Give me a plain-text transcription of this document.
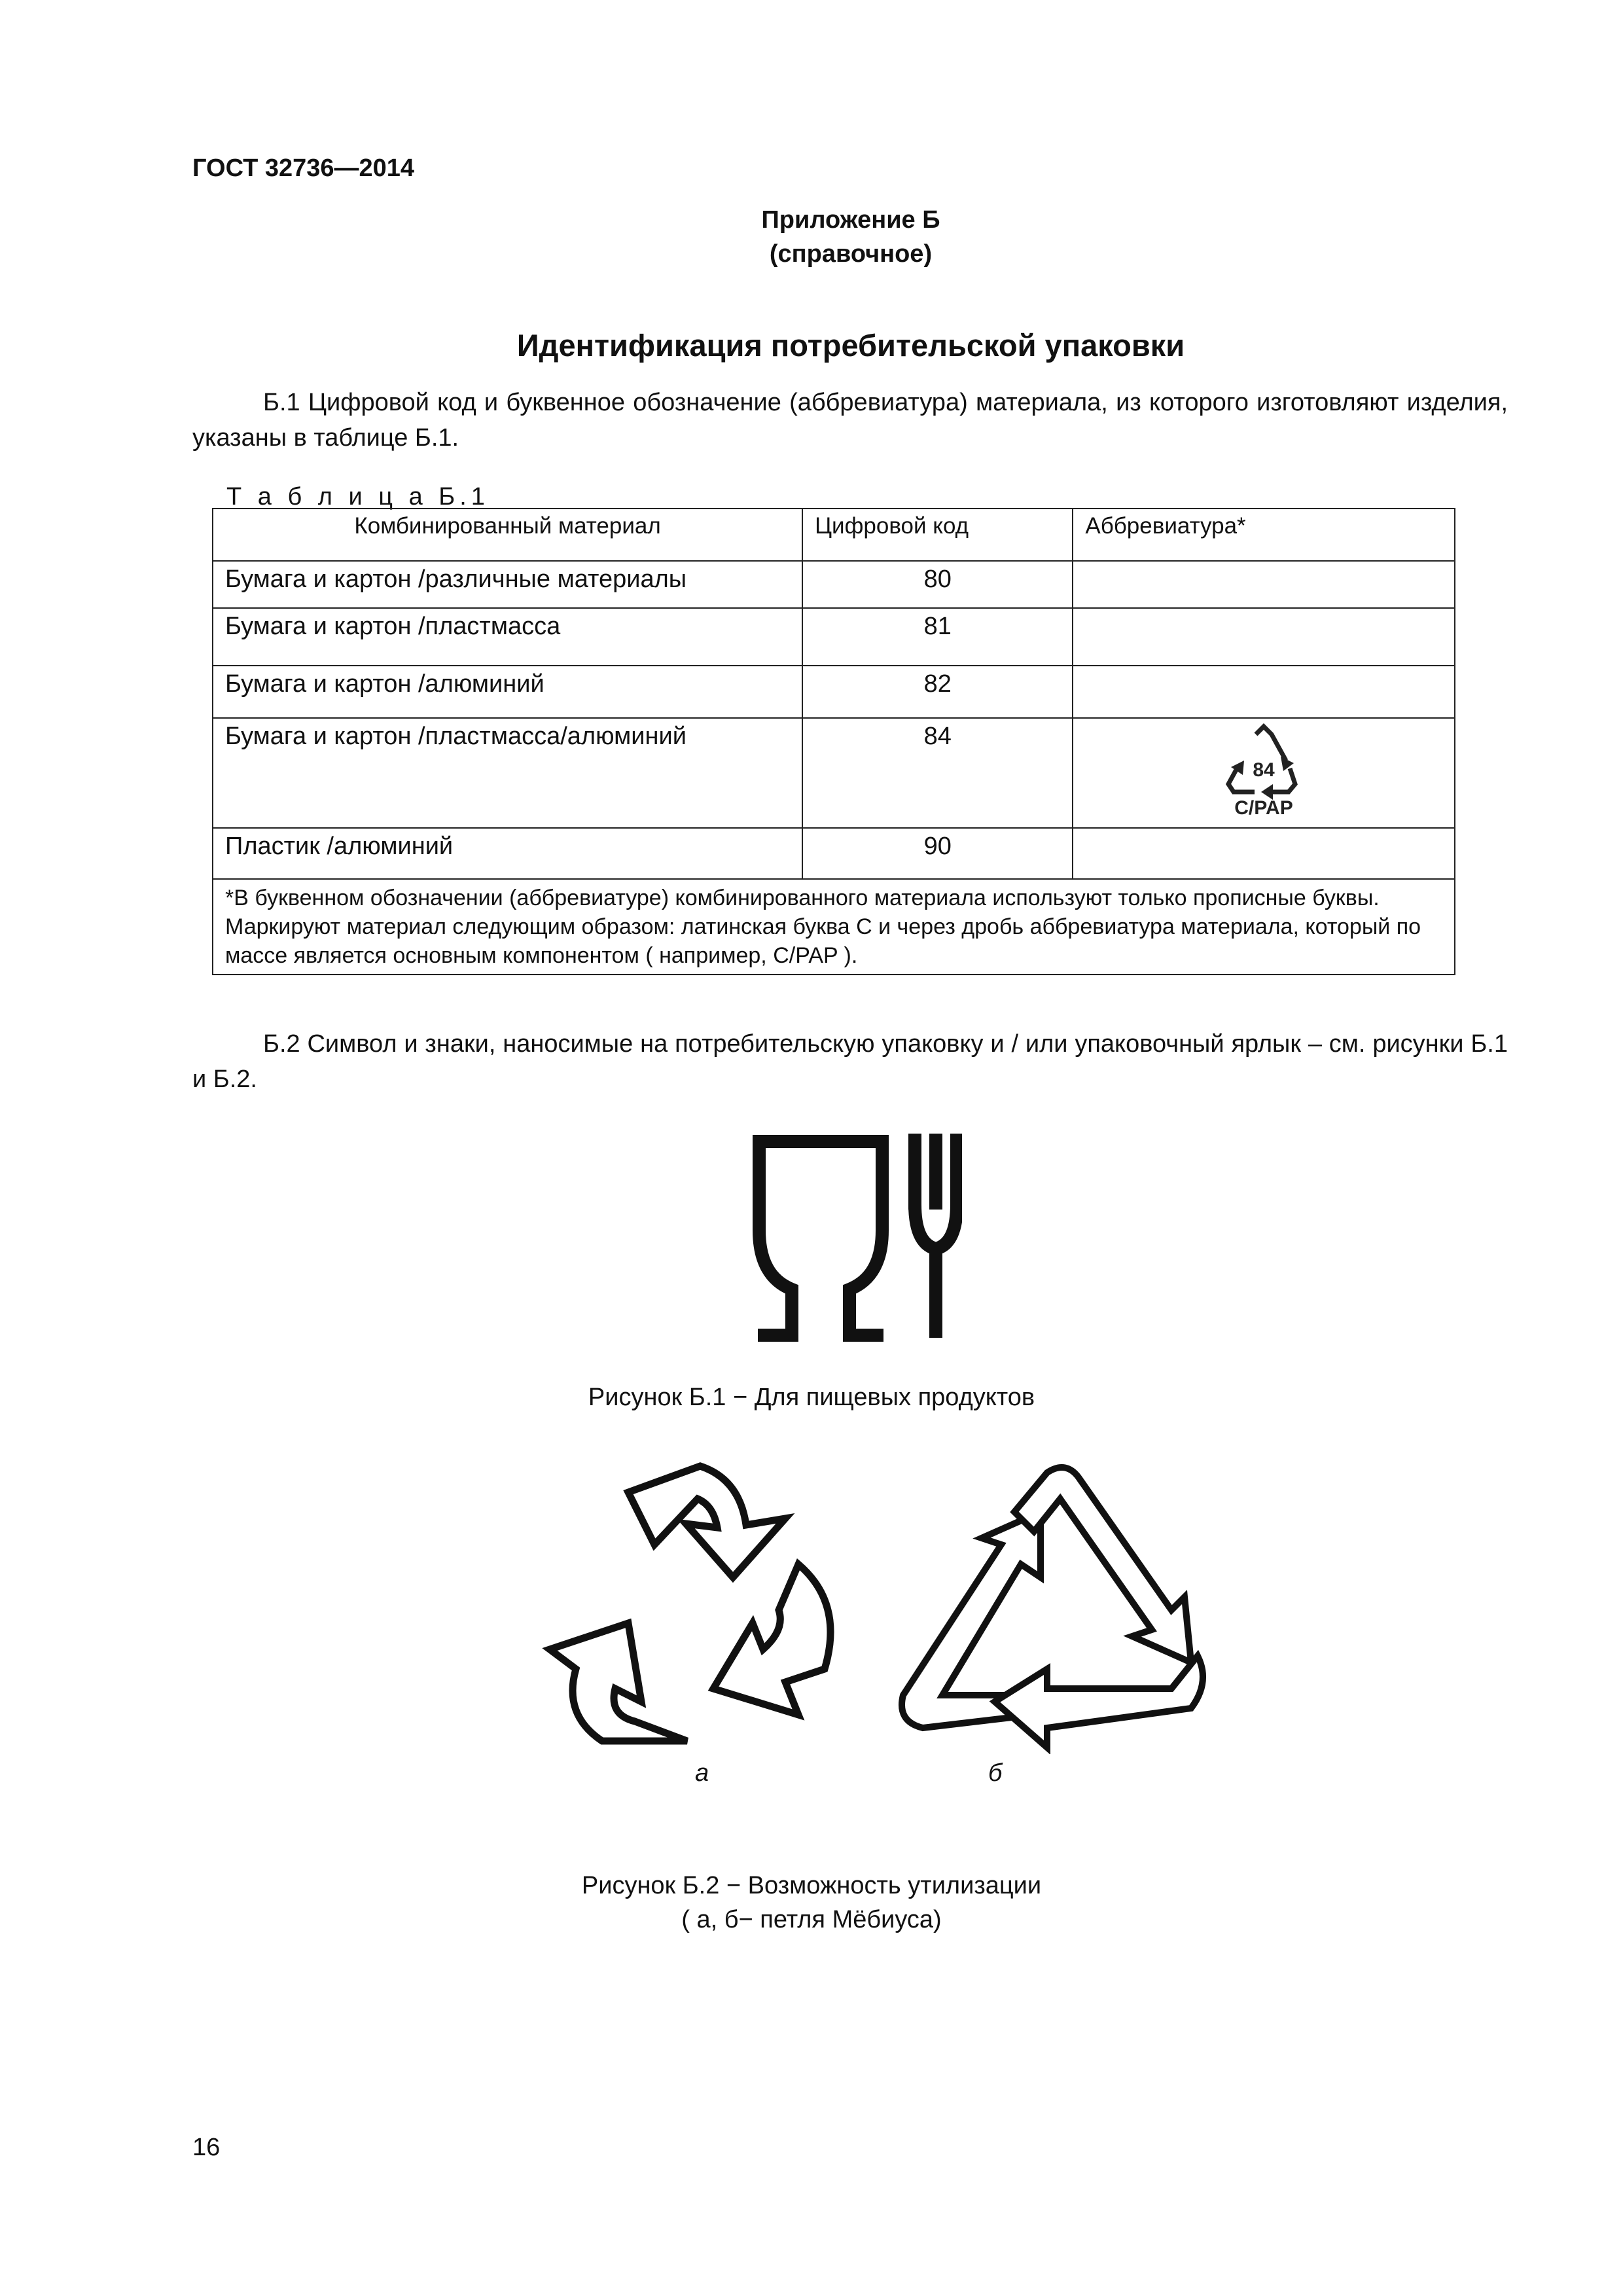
ГОСТ 32736—2014
Приложение Б
(справочное)
Идентификация потребительской упаковки
Б.1 Цифровой код и буквенное обозначение (аббревиатура) материала, из которого изготовляют изделия, указаны в таблице Б.1.
Т а б л и ц а Б.1
Комбинированный материал	Цифровой код	Аббревиатура*
Бумага и картон /различные материалы	80	
Бумага и картон /пластмасса	81	
Бумага и картон /алюминий	82	
Бумага и картон /пластмасса/алюминий	84	84
C/PAP

Пластик /алюминий	90	
*В буквенном обозначении (аббревиатуре) комбинированного материала используют только прописные буквы. Маркируют материал следующим образом: латинская буква С и через дробь аббревиатура материала, который по массе является основным компонентом ( например, C/PAP ).		
Б.2 Символ и знаки, наносимые на потребительскую упаковку и / или упаковочный ярлык – см. рисунки Б.1 и Б.2.
Рисунок Б.1 − Для пищевых продуктов
а	б
Рисунок Б.2 − Возможность утилизации
( а, б− петля Мёбиуса)
16
